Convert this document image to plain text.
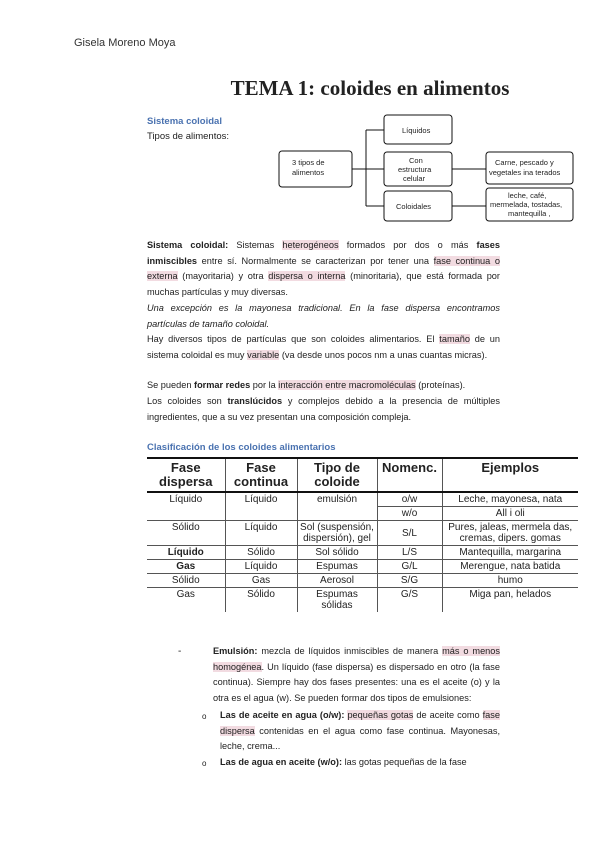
Gisela Moreno Moya
TEMA 1: coloides en alimentos
Sistema coloidal
Tipos de alimentos:
3 tipos de
alimentos
Líquidos
Con
estructura
celular
Coloidales
Carne, pescado y
vegetales ina terados
leche, café,
mermelada, tostadas,
mantequilla ,
Sistema coloidal: Sistemas heterogéneos formados por dos o más fases inmiscibles entre sí. Normalmente se caracterizan por tener una fase continua o externa (mayoritaria) y otra dispersa o interna (minoritaria), que está formada por muchas partículas y muy diversas.
Una excepción es la mayonesa tradicional. En la fase dispersa encontramos partículas de tamaño coloidal.
Hay diversos tipos de partículas que son coloides alimentarios. El tamaño de un sistema coloidal es muy variable (va desde unos pocos nm a unas cuantas micras).
Se pueden formar redes por la interacción entre macromoléculas (proteínas).
Los coloides son translúcidos y complejos debido a la presencia de múltiples ingredientes, que a su vez presentan una composición compleja.
Clasificación de los coloides alimentarios
Fase dispersa	Fase continua	Tipo de coloide	Nomenc.	Ejemplos
Líquido	Líquido	emulsión	o/w	Leche, mayonesa, nata
			w/o	All i oli
Sólido	Líquido	Sol (suspensión, dispersión), gel	S/L	Pures, jaleas, mermela das, cremas, dipers. gomas
Líquido	Sólido	Sol sólido	L/S	Mantequilla, margarina
Gas	Líquido	Espumas	G/L	Merengue, nata batida
Sólido	Gas	Aerosol	S/G	humo
Gas	Sólido	Espumas sólidas	G/S	Miga pan, helados
-	Emulsión: mezcla de líquidos inmiscibles de manera más o menos homogénea. Un líquido (fase dispersa) es dispersado en otro (la fase continua). Siempre hay dos fases presentes: una es el aceite (o) y la otra es el agua (w). Se pueden formar dos tipos de emulsiones:
o Las de aceite en agua (o/w): pequeñas gotas de aceite como fase dispersa contenidas en el agua como fase continua. Mayonesas, leche, crema...
o Las de agua en aceite (w/o): las gotas pequeñas de la fase
